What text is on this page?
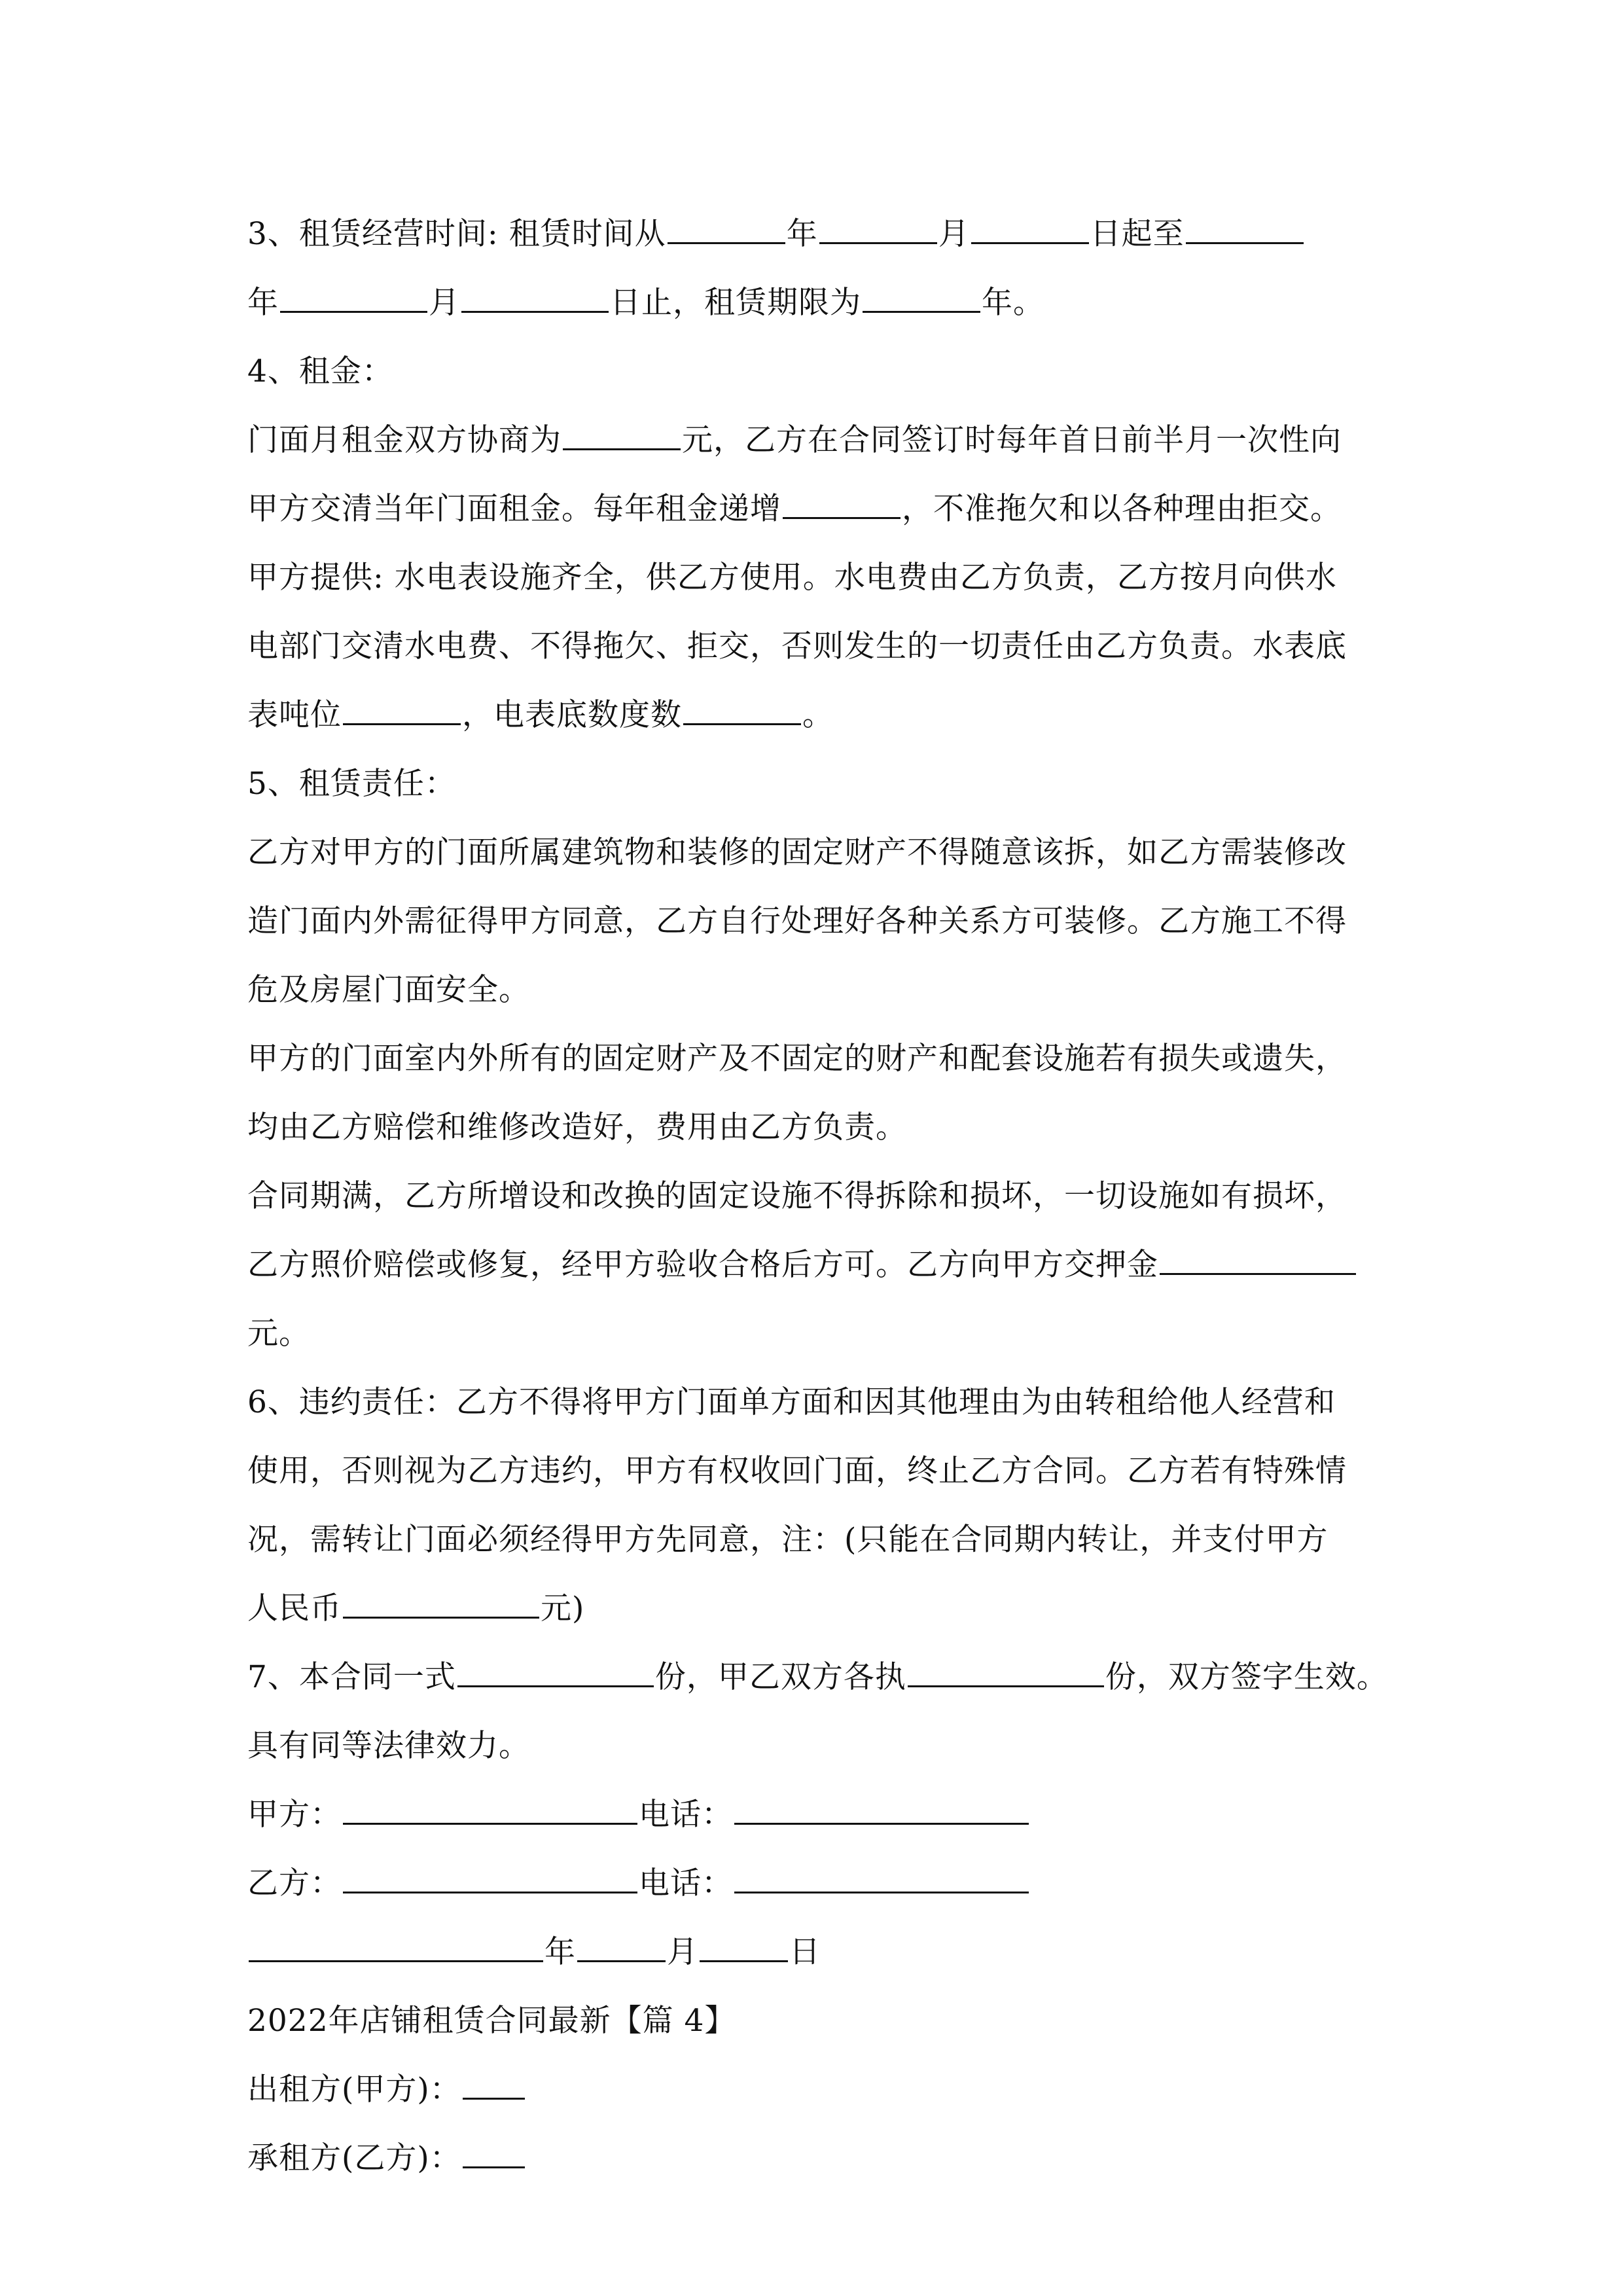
3、租赁经营时间: 租赁时间从	年	月	日起至
年	月	日止，租赁期限为	年。
4、租金：
门面月租金双方协商为	元，乙方在合同签订时每年首日前半月一次性向
甲方交清当年门面租金。每年租金递增	，不准拖欠和以各种理由拒交。
甲方提供: 水电表设施齐全，供乙方使用。水电费由乙方负责，乙方按月向供水
电部门交清水电费、不得拖欠、拒交，否则发生的一切责任由乙方负责。水表底
表吨位	，电表底数度数	。
5、租赁责任：
乙方对甲方的门面所属建筑物和装修的固定财产不得随意该拆，如乙方需装修改
造门面内外需征得甲方同意，乙方自行处理好各种关系方可装修。乙方施工不得
危及房屋门面安全。
甲方的门面室内外所有的固定财产及不固定的财产和配套设施若有损失或遗失，
均由乙方赔偿和维修改造好，费用由乙方负责。
合同期满，乙方所增设和改换的固定设施不得拆除和损坏，一切设施如有损坏，
乙方照价赔偿或修复，经甲方验收合格后方可。乙方向甲方交押金
元。
6、违约责任：乙方不得将甲方门面单方面和因其他理由为由转租给他人经营和
使用，否则视为乙方违约，甲方有权收回门面，终止乙方合同。乙方若有特殊情
况，需转让门面必须经得甲方先同意，注：(只能在合同期内转让，并支付甲方
人民币	元)
7、本合同一式	份，甲乙双方各执	份，双方签字生效。
具有同等法律效力。
甲方：	电话：
乙方：	电话：
年	月	日
2022年店铺租赁合同最新【篇 4】
出租方(甲方)：
承租方(乙方)：
